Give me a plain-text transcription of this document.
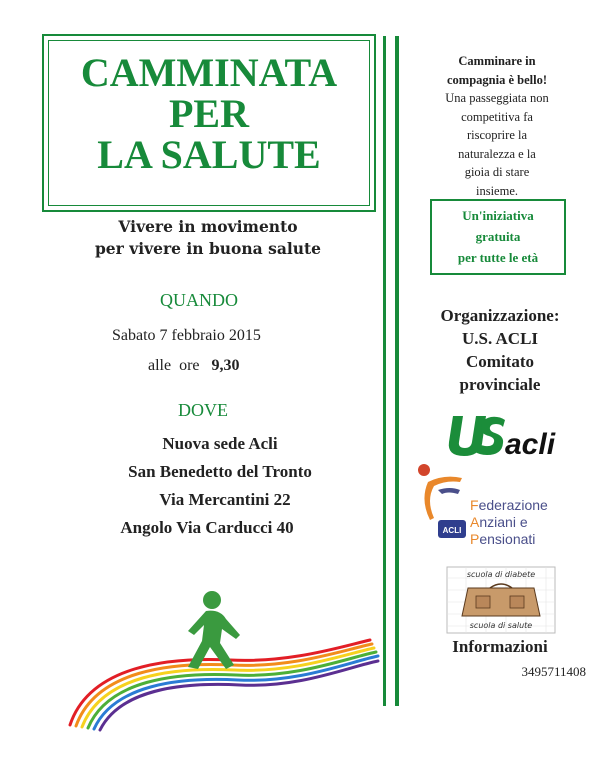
CAMMINATA
PER
LA SALUTE
Vivere in movimento
per vivere in buona salute
QUANDO
Sabato 7 febbraio 2015
alle  ore 9,30
DOVE
Nuova sede Acli
San Benedetto del Tronto
Via Mercantini 22
Angolo Via Carducci 40
Camminare in
compagnia è bello!
Una passeggiata non
competitiva fa
riscoprire la
naturalezza e la
gioia di stare
insieme.
Un'iniziativa
gratuita
per tutte le età
Organizzazione:
U.S. ACLI
Comitato
provinciale
acli
ACLI
Federazione
Anziani e
Pensionati
scuola di diabete
scuola di salute
Informazioni
3495711408
